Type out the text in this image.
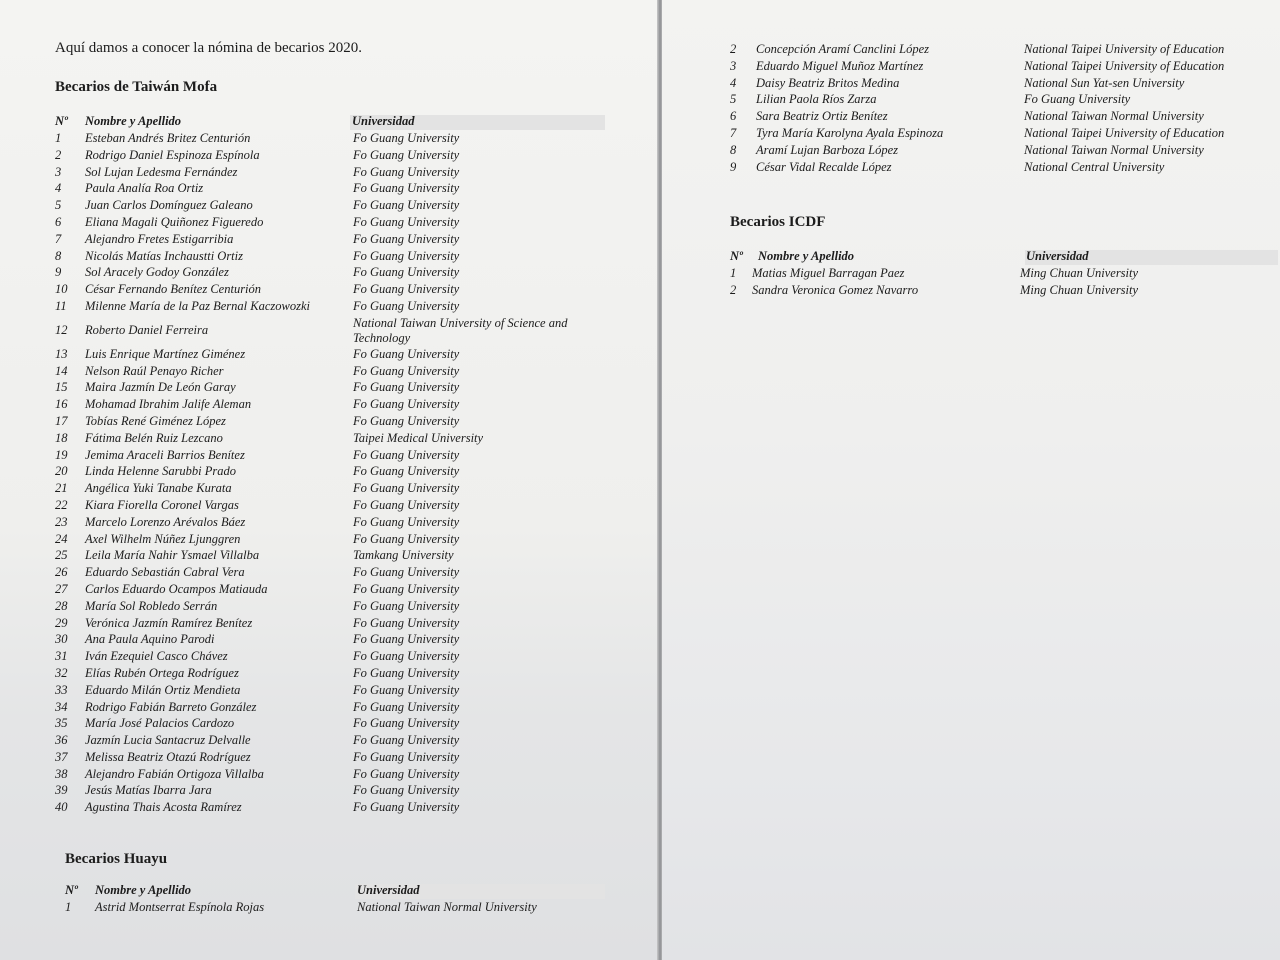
Aquí damos a conocer la nómina de becarios 2020.
Becarios de Taiwán Mofa
Nº Nombre y Apellido	Universidad
1	Esteban Andrés Britez Centurión	Fo Guang University
2	Rodrigo Daniel Espinoza Espínola	Fo Guang University
3	Sol Lujan Ledesma Fernández	Fo Guang University
4	Paula Analía Roa Ortiz	Fo Guang University
5	Juan Carlos Domínguez Galeano	Fo Guang University
6	Eliana Magali Quiñonez Figueredo	Fo Guang University
7	Alejandro Fretes Estigarribia	Fo Guang University
8	Nicolás Matías Inchaustti Ortiz	Fo Guang University
9	Sol Aracely Godoy González	Fo Guang University
10	César Fernando Benítez Centurión	Fo Guang University
11	Milenne María de la Paz Bernal Kaczowozki	Fo Guang University
12	Roberto Daniel Ferreira	National Taiwan University of Science and Technology
13	Luis Enrique Martínez Giménez	Fo Guang University
14	Nelson Raúl Penayo Richer	Fo Guang University
15	Maira Jazmín De León Garay	Fo Guang University
16	Mohamad Ibrahim Jalife Aleman	Fo Guang University
17	Tobías René Giménez López	Fo Guang University
18	Fátima Belén Ruiz Lezcano	Taipei Medical University
19	Jemima Araceli Barrios Benítez	Fo Guang University
20	Linda Helenne Sarubbi Prado	Fo Guang University
21	Angélica Yuki Tanabe Kurata	Fo Guang University
22	Kiara Fiorella Coronel Vargas	Fo Guang University
23	Marcelo Lorenzo Arévalos Báez	Fo Guang University
24	Axel Wilhelm Núñez Ljunggren	Fo Guang University
25	Leila María Nahir Ysmael Villalba	Tamkang University
26	Eduardo Sebastián Cabral Vera	Fo Guang University
27	Carlos Eduardo Ocampos Matiauda	Fo Guang University
28	María Sol Robledo Serrán	Fo Guang University
29	Verónica Jazmín Ramírez Benítez	Fo Guang University
30	Ana Paula Aquino Parodi	Fo Guang University
31	Iván Ezequiel Casco Chávez	Fo Guang University
32	Elías Rubén Ortega Rodríguez	Fo Guang University
33	Eduardo Milán Ortiz Mendieta	Fo Guang University
34	Rodrigo Fabián Barreto González	Fo Guang University
35	María José Palacios Cardozo	Fo Guang University
36	Jazmín Lucia Santacruz Delvalle	Fo Guang University
37	Melissa Beatriz Otazú Rodríguez	Fo Guang University
38	Alejandro Fabián Ortigoza Villalba	Fo Guang University
39	Jesús Matías Ibarra Jara	Fo Guang University
40	Agustina Thais Acosta Ramírez	Fo Guang University
Becarios Huayu
Nº Nombre y Apellido	Universidad
1	Astrid Montserrat Espínola Rojas	National Taiwan Normal University
2	Concepción Aramí Canclini López	National Taipei University of Education
3	Eduardo Miguel Muñoz Martínez	National Taipei University of Education
4	Daisy Beatriz Britos Medina	National Sun Yat-sen University
5	Lilian Paola Ríos Zarza	Fo Guang University
6	Sara Beatriz Ortiz Benítez	National Taiwan Normal University
7	Tyra María Karolyna Ayala Espinoza	National Taipei University of Education
8	Aramí Lujan Barboza López	National Taiwan Normal University
9	César Vidal Recalde López	National Central University
Becarios ICDF
Nº Nombre y Apellido	Universidad
1	Matias Miguel Barragan Paez	Ming Chuan University
2	Sandra Veronica Gomez Navarro	Ming Chuan University
